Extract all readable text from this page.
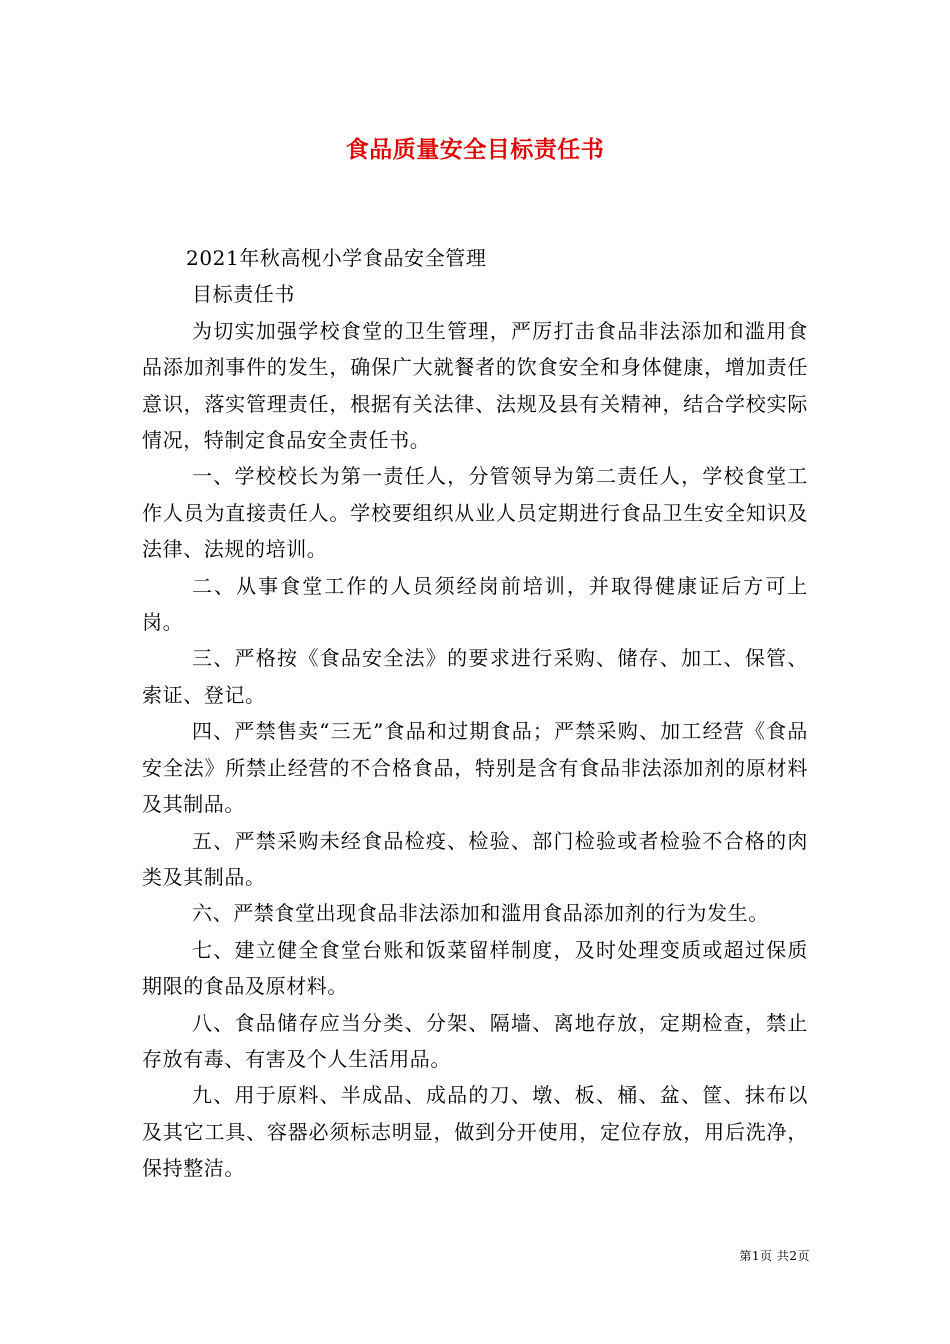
食品质量安全目标责任书

2021年秋高枧小学食品安全管理

目标责任书

为切实加强学校食堂的卫生管理，严厉打击食品非法添加和滥用食品添加剂事件的发生，确保广大就餐者的饮食安全和身体健康，增加责任意识，落实管理责任，根据有关法律、法规及县有关精神，结合学校实际情况，特制定食品安全责任书。

一、学校校长为第一责任人，分管领导为第二责任人，学校食堂工作人员为直接责任人。学校要组织从业人员定期进行食品卫生安全知识及法律、法规的培训。

二、从事食堂工作的人员须经岗前培训，并取得健康证后方可上岗。

三、严格按《食品安全法》的要求进行采购、储存、加工、保管、索证、登记。

四、严禁售卖“三无”食品和过期食品；严禁采购、加工经营《食品安全法》所禁止经营的不合格食品，特别是含有食品非法添加剂的原材料及其制品。

五、严禁采购未经食品检疫、检验、部门检验或者检验不合格的肉类及其制品。

六、严禁食堂出现食品非法添加和滥用食品添加剂的行为发生。

七、建立健全食堂台账和饭菜留样制度，及时处理变质或超过保质期限的食品及原材料。

八、食品储存应当分类、分架、隔墙、离地存放，定期检查，禁止存放有毒、有害及个人生活用品。

九、用于原料、半成品、成品的刀、墩、板、桶、盆、筐、抹布以及其它工具、容器必须标志明显，做到分开使用，定位存放，用后洗净，保持整洁。

第1页 共2页
